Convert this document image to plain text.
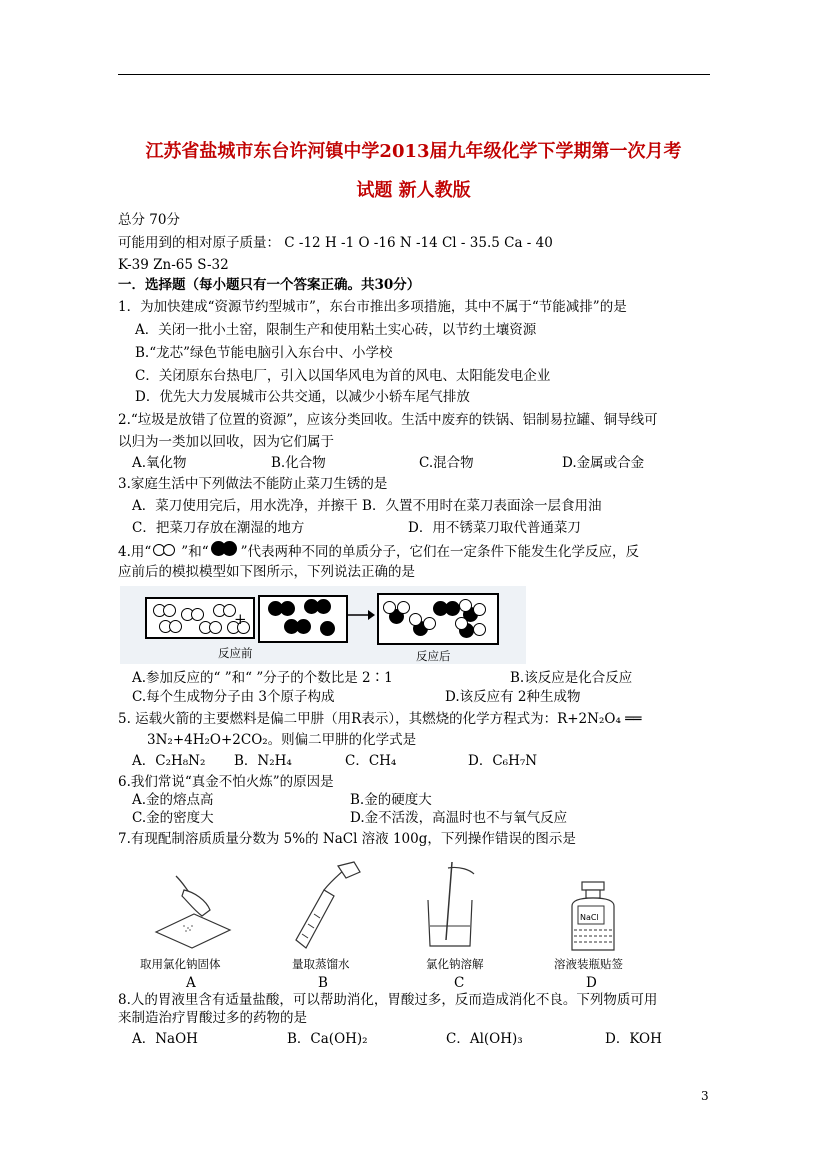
江苏省盐城市东台许河镇中学2013届九年级化学下学期第一次月考
试题 新人教版
总分 70分
可能用到的相对原子质量： C -12 H -1 O -16 N -14 Cl - 35.5 Ca - 40
K-39 Zn-65 S-32
一．选择题（每小题只有一个答案正确。共30分）
1．为加快建成“资源节约型城市”，东台市推出多项措施，其中不属于“节能减排”的是
A．关闭一批小土窑，限制生产和使用粘土实心砖，以节约土壤资源
B.“龙芯”绿色节能电脑引入东台中、小学校
C．关闭原东台热电厂，引入以国华风电为首的风电、太阳能发电企业
D．优先大力发展城市公共交通，以减少小轿车尾气排放
2.“垃圾是放错了位置的资源”，应该分类回收。生活中废弃的铁锅、铝制易拉罐、铜导线可
以归为一类加以回收，因为它们属于
A.氧化物	B.化合物	C.混合物	D.金属或合金
3.家庭生活中下列做法不能防止菜刀生锈的是
A．菜刀使用完后，用水洗净，并擦干 B．久置不用时在菜刀表面涂一层食用油
C．把菜刀存放在潮湿的地方	D．用不锈菜刀取代普通菜刀
4.用“ ”和“ ”代表两种不同的单质分子，它们在一定条件下能发生化学反应，反
应前后的模拟模型如下图所示，下列说法正确的是
+
反应前	反应后
A.参加反应的“ ”和“ ”分子的个数比是 2∶1	B.该反应是化合反应
C.每个生成物分子由 3个原子构成	D.该反应有 2种生成物
5. 运载火箭的主要燃料是偏二甲肼（用R表示），其燃烧的化学方程式为：R+2N₂O₄ ══
3N₂+4H₂O+2CO₂。则偏二甲肼的化学式是
A．C₂H₈N₂ B．N₂H₄	C．CH₄	D．C₆H₇N
6.我们常说“真金不怕火炼”的原因是
A.金的熔点高	B.金的硬度大
C.金的密度大	D.金不活泼，高温时也不与氧气反应
7.有现配制溶质质量分数为 5%的 NaCl 溶液 100g，下列操作错误的图示是
NaCl
取用氯化钠固体	量取蒸馏水	氯化钠溶解	溶液装瓶贴签
A	B	C	D
8.人的胃液里含有适量盐酸，可以帮助消化，胃酸过多，反而造成消化不良。下列物质可用
来制造治疗胃酸过多的药物的是
A．NaOH	B．Ca(OH)₂	C．Al(OH)₃	D．KOH
3
